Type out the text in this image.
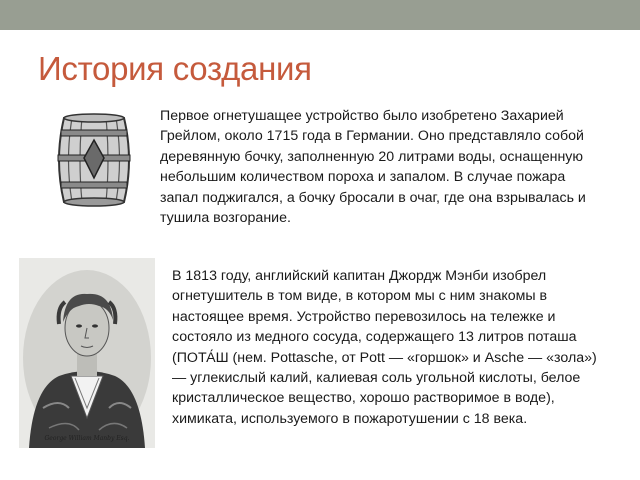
История создания

Первое огнетушащее устройство было изобретено Захарией Грейлом, около 1715 года в Германии. Оно представляло собой деревянную бочку, заполненную 20 литрами воды, оснащенную небольшим количеством пороха и запалом. В случае пожара запал поджигался, а бочку бросали в очаг, где она взрывалась и тушила возгорание.

George William Manby Esq.

В 1813 году, английский капитан Джордж Мэнби изобрел огнетушитель в том виде, в котором мы с ним знакомы в настоящее время. Устройство перевозилось на тележке и состояло из медного сосуда, содержащего 13 литров поташа (ПОТА́Ш (нем. Pottasche, от Pott — «горшок» и Asche — «зола») — углекислый калий, калиевая соль угольной кислоты, белое кристаллическое вещество, хорошо растворимое в воде), химиката, используемого в пожаротушении с 18 века.
